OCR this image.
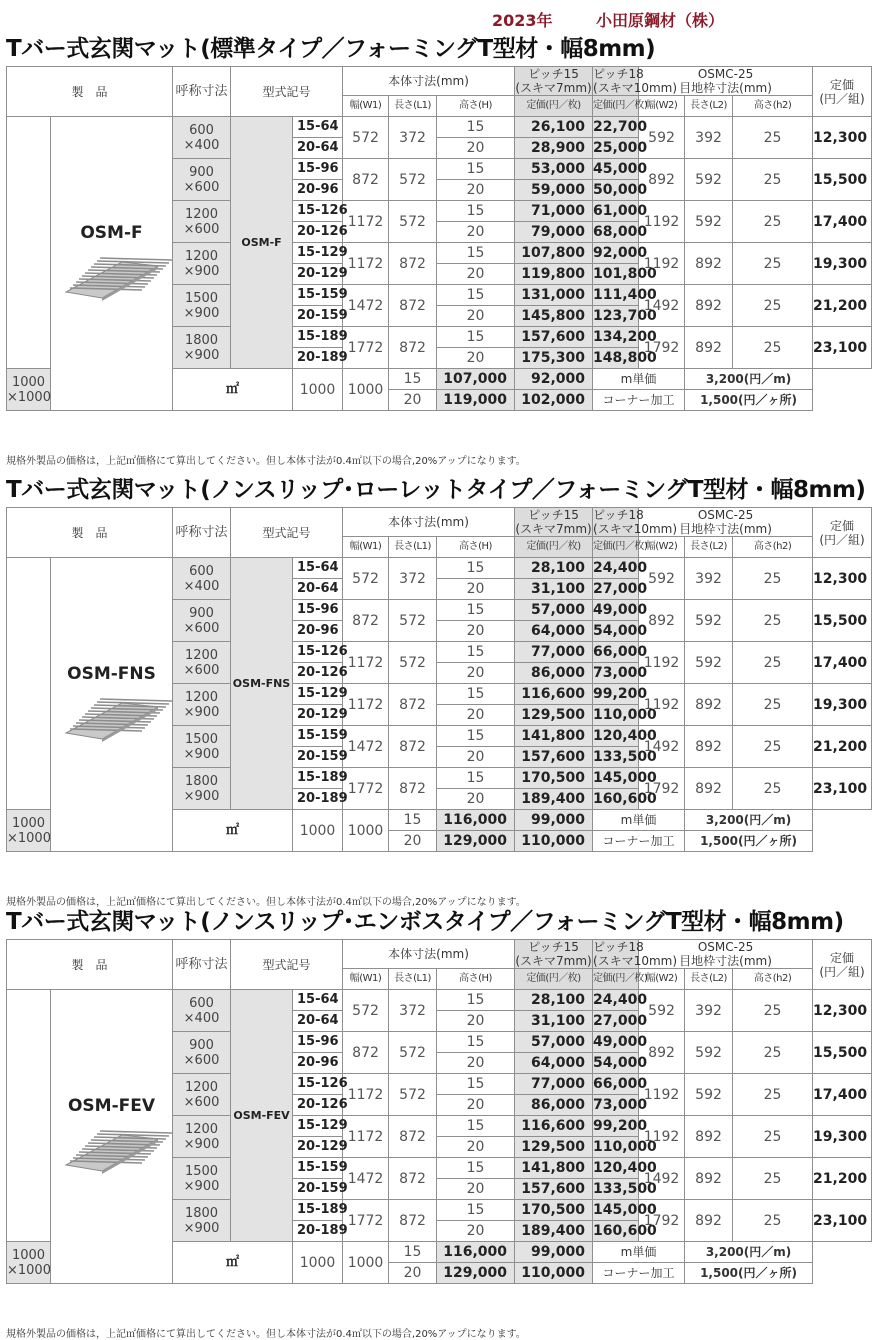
2023年	小田原鋼材（株）
Tバー式玄関マット(標準タイプ／フォーミングT型材・幅8mm)
製　品	呼称寸法	型式記号	本体寸法(mm)	ピッチ15
(スキマ7mm)	ピッチ18
(スキマ10mm)	OSMC-25
目地枠寸法(mm)	定価
(円／組)
幅(W1)	長さ(L1)	高さ(H)	定価(円／枚)	定価(円／枚)	幅(W2)	長さ(L2)	高さ(h2)

OSM-F
	600
×400	OSM-F	15-64	572	372	15	26,100	22,700	592	392	25	12,300
20-64	20	28,900	25,000
900
×600	15-96	872	572	15	53,000	45,000	892	592	25	15,500
20-96	20	59,000	50,000
1200
×600	15-126	1172	572	15	71,000	61,000	1192	592	25	17,400
20-126	20	79,000	68,000
1200
×900	15-129	1172	872	15	107,800	92,000	1192	892	25	19,300
20-129	20	119,800	101,800
1500
×900	15-159	1472	872	15	131,000	111,400	1492	892	25	21,200
20-159	20	145,800	123,700
1800
×900	15-189	1772	872	15	157,600	134,200	1792	892	25	23,100
20-189	20	175,300	148,800
1000
×1000	㎡	1000	1000	15	107,000	92,000	m単価	3,200(円／m)
20	119,000	102,000	コーナー加工	1,500(円／ヶ所)
規格外製品の価格は，上記㎡価格にて算出してください。但し本体寸法が0.4㎡以下の場合,20%アップになります。
Tバー式玄関マット(ノンスリップ･ローレットタイプ／フォーミングT型材・幅8mm)
製　品	呼称寸法	型式記号	本体寸法(mm)	ピッチ15
(スキマ7mm)	ピッチ18
(スキマ10mm)	OSMC-25
目地枠寸法(mm)	定価
(円／組)
幅(W1)	長さ(L1)	高さ(H)	定価(円／枚)	定価(円／枚)	幅(W2)	長さ(L2)	高さ(h2)

OSM-FNS
	600
×400	OSM-FNS	15-64	572	372	15	28,100	24,400	592	392	25	12,300
20-64	20	31,100	27,000
900
×600	15-96	872	572	15	57,000	49,000	892	592	25	15,500
20-96	20	64,000	54,000
1200
×600	15-126	1172	572	15	77,000	66,000	1192	592	25	17,400
20-126	20	86,000	73,000
1200
×900	15-129	1172	872	15	116,600	99,200	1192	892	25	19,300
20-129	20	129,500	110,000
1500
×900	15-159	1472	872	15	141,800	120,400	1492	892	25	21,200
20-159	20	157,600	133,500
1800
×900	15-189	1772	872	15	170,500	145,000	1792	892	25	23,100
20-189	20	189,400	160,600
1000
×1000	㎡	1000	1000	15	116,000	99,000	m単価	3,200(円／m)
20	129,000	110,000	コーナー加工	1,500(円／ヶ所)
規格外製品の価格は，上記㎡価格にて算出してください。但し本体寸法が0.4㎡以下の場合,20%アップになります。
Tバー式玄関マット(ノンスリップ･エンボスタイプ／フォーミングT型材・幅8mm)
製　品	呼称寸法	型式記号	本体寸法(mm)	ピッチ15
(スキマ7mm)	ピッチ18
(スキマ10mm)	OSMC-25
目地枠寸法(mm)	定価
(円／組)
幅(W1)	長さ(L1)	高さ(H)	定価(円／枚)	定価(円／枚)	幅(W2)	長さ(L2)	高さ(h2)

OSM-FEV
	600
×400	OSM-FEV	15-64	572	372	15	28,100	24,400	592	392	25	12,300
20-64	20	31,100	27,000
900
×600	15-96	872	572	15	57,000	49,000	892	592	25	15,500
20-96	20	64,000	54,000
1200
×600	15-126	1172	572	15	77,000	66,000	1192	592	25	17,400
20-126	20	86,000	73,000
1200
×900	15-129	1172	872	15	116,600	99,200	1192	892	25	19,300
20-129	20	129,500	110,000
1500
×900	15-159	1472	872	15	141,800	120,400	1492	892	25	21,200
20-159	20	157,600	133,500
1800
×900	15-189	1772	872	15	170,500	145,000	1792	892	25	23,100
20-189	20	189,400	160,600
1000
×1000	㎡	1000	1000	15	116,000	99,000	m単価	3,200(円／m)
20	129,000	110,000	コーナー加工	1,500(円／ヶ所)
規格外製品の価格は，上記㎡価格にて算出してください。但し本体寸法が0.4㎡以下の場合,20%アップになります。
